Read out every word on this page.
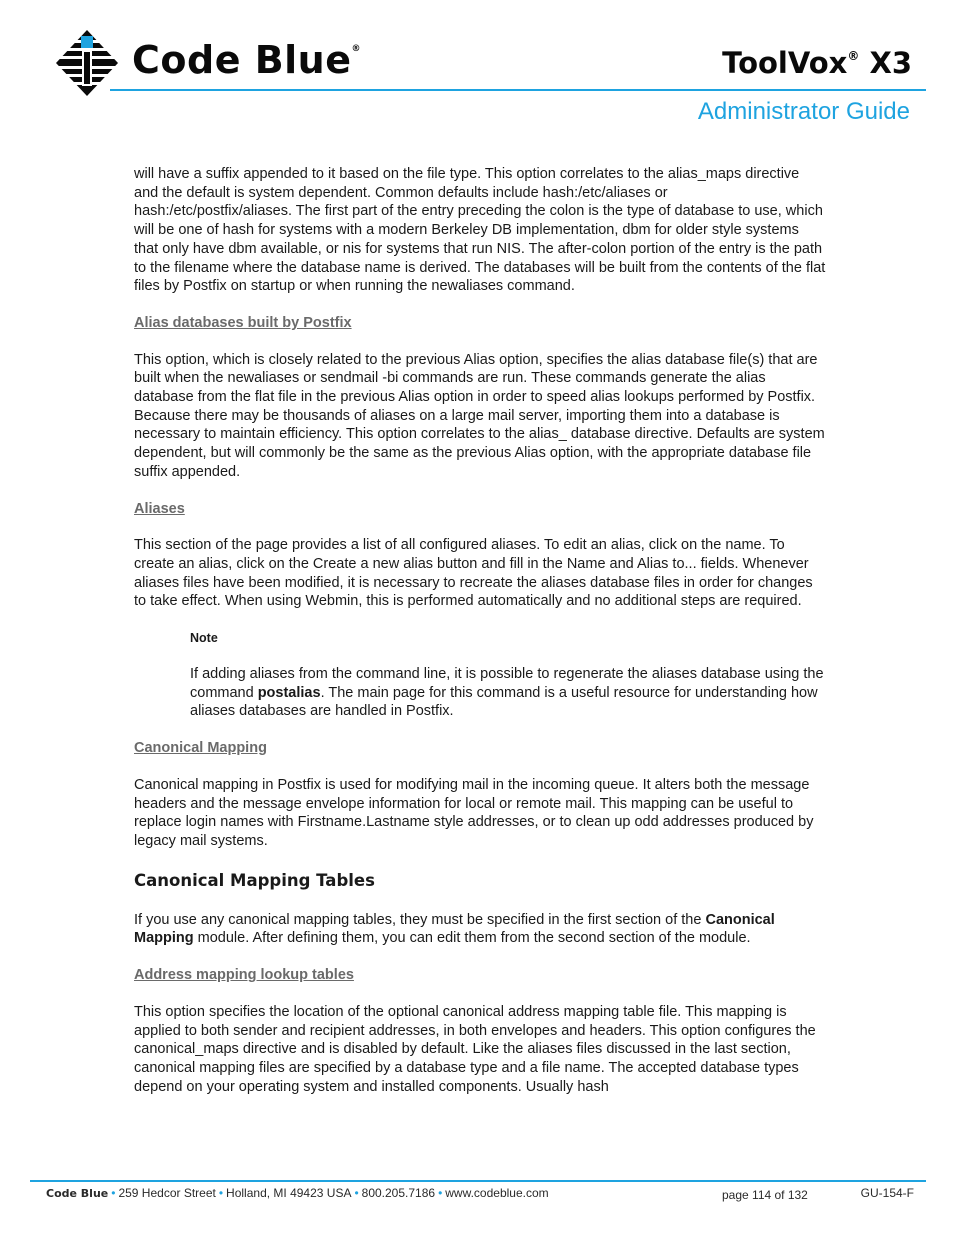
Code Blue®	ToolVox® X3
Administrator Guide

will have a suffix appended to it based on the file type. This option correlates to the alias_maps directive and the default is system dependent. Common defaults include hash:/etc/aliases or hash:/etc/postfix/aliases. The first part of the entry preceding the colon is the type of database to use, which will be one of hash for systems with a modern Berkeley DB implementation, dbm for older style systems that only have dbm available, or nis for systems that run NIS. The after-colon portion of the entry is the path to the filename where the database name is derived. The databases will be built from the contents of the flat files by Postfix on startup or when running the newaliases command.

Alias databases built by Postfix

This option, which is closely related to the previous Alias option, specifies the alias database file(s) that are built when the newaliases or sendmail -bi commands are run. These commands generate the alias database from the flat file in the previous Alias option in order to speed alias lookups performed by Postfix. Because there may be thousands of aliases on a large mail server, importing them into a database is necessary to maintain efficiency. This option correlates to the alias_ database directive. Defaults are system dependent, but will commonly be the same as the previous Alias option, with the appropriate database file suffix appended.

Aliases

This section of the page provides a list of all configured aliases. To edit an alias, click on the name. To create an alias, click on the Create a new alias button and fill in the Name and Alias to... fields. Whenever aliases files have been modified, it is necessary to recreate the aliases database files in order for changes to take effect. When using Webmin, this is performed automatically and no additional steps are required.

Note

If adding aliases from the command line, it is possible to regenerate the aliases database using the command postalias. The main page for this command is a useful resource for understanding how aliases databases are handled in Postfix.

Canonical Mapping

Canonical mapping in Postfix is used for modifying mail in the incoming queue. It alters both the message headers and the message envelope information for local or remote mail. This mapping can be useful to replace login names with Firstname.Lastname style addresses, or to clean up odd addresses produced by legacy mail systems.

Canonical Mapping Tables

If you use any canonical mapping tables, they must be specified in the first section of the Canonical Mapping module. After defining them, you can edit them from the second section of the module.

Address mapping lookup tables

This option specifies the location of the optional canonical address mapping table file. This mapping is applied to both sender and recipient addresses, in both envelopes and headers. This option configures the canonical_maps directive and is disabled by default. Like the aliases files discussed in the last section, canonical mapping files are specified by a database type and a file name. The accepted database types depend on your operating system and installed components. Usually hash

Code Blue • 259 Hedcor Street • Holland, MI 49423 USA • 800.205.7186 • www.codeblue.com	page 114 of 132	GU-154-F
